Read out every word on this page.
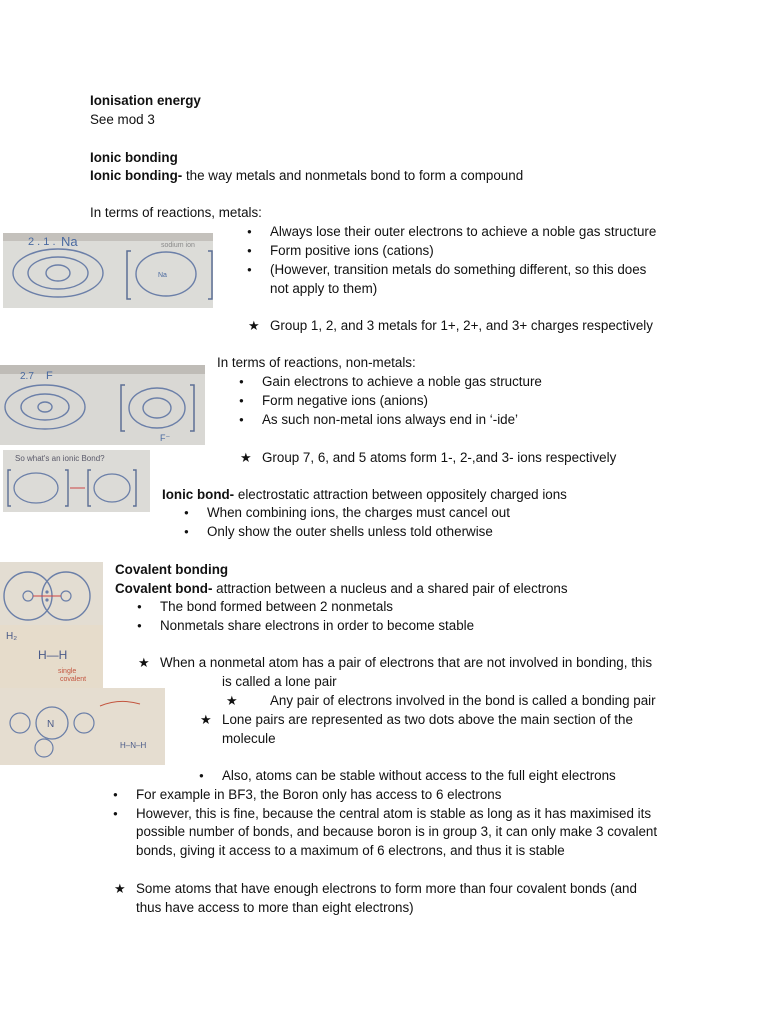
Ionisation energy
See mod 3
Ionic bonding
Ionic bonding- the way metals and nonmetals bond to form a compound
In terms of reactions, metals:
2 . 1 . Na
Na
sodium ion
● Always lose their outer electrons to achieve a noble gas structure
● Form positive ions (cations)
● (However, transition metals do something different, so this does
not apply to them)
★ Group 1, 2, and 3 metals for 1+, 2+, and 3+ charges respectively
2.7 F
F⁻
In terms of reactions, non-metals:
● Gain electrons to achieve a noble gas structure
● Form negative ions (anions)
● As such non-metal ions always end in ‘-ide’
So what's an ionic Bond?	★ Group 7, 6, and 5 atoms form 1-, 2-,and 3- ions respectively
Ionic bond- electrostatic attraction between oppositely charged ions
● When combining ions, the charges must cancel out
● Only show the outer shells unless told otherwise
H₂
H—H
single
covalent
N
H–N–H
Covalent bonding
Covalent bond- attraction between a nucleus and a shared pair of electrons
● The bond formed between 2 nonmetals
● Nonmetals share electrons in order to become stable
★ When a nonmetal atom has a pair of electrons that are not involved in bonding, this
is called a lone pair
★ Any pair of electrons involved in the bond is called a bonding pair
★ Lone pairs are represented as two dots above the main section of the
molecule
● Also, atoms can be stable without access to the full eight electrons
● For example in BF3, the Boron only has access to 6 electrons
● However, this is fine, because the central atom is stable as long as it has maximised its
possible number of bonds, and because boron is in group 3, it can only make 3 covalent
bonds, giving it access to a maximum of 6 electrons, and thus it is stable
★ Some atoms that have enough electrons to form more than four covalent bonds (and
thus have access to more than eight electrons)
